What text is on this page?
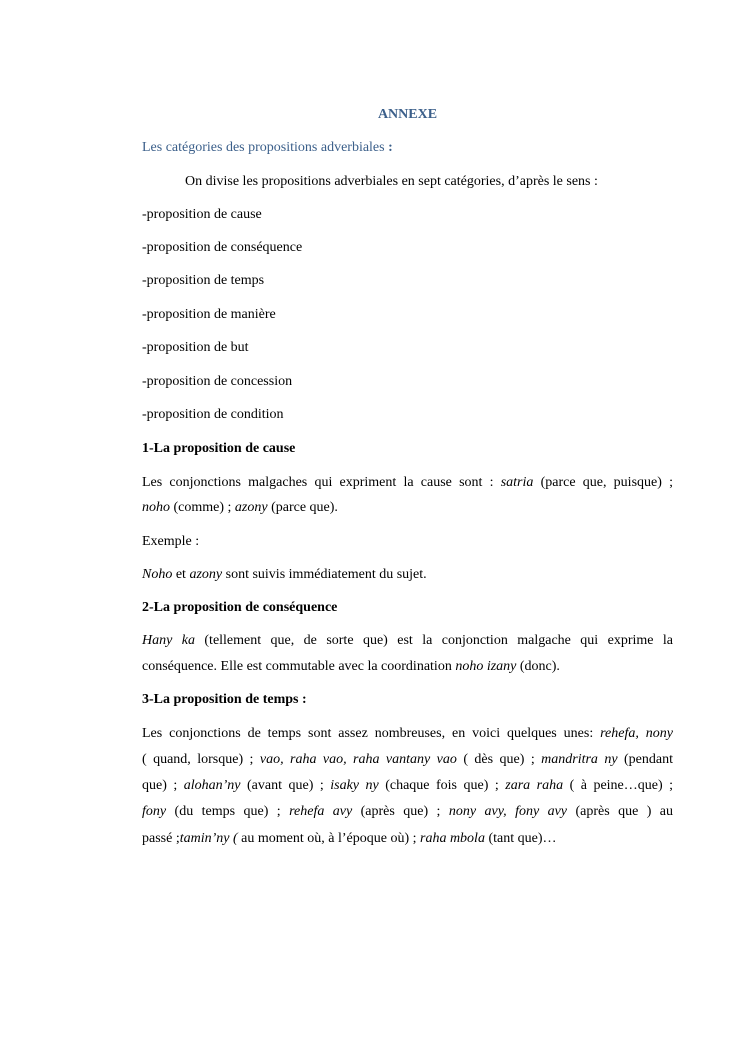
ANNEXE
Les catégories des propositions adverbiales :
On divise les propositions adverbiales en sept catégories, d’après le sens :
-proposition de cause
-proposition de conséquence
-proposition de temps
-proposition de manière
-proposition de but
-proposition de concession
-proposition de condition
1-La proposition de cause
Les conjonctions malgaches qui expriment la cause sont : satria (parce que, puisque) ;
noho (comme) ; azony (parce que).
Exemple :
Noho et azony sont suivis immédiatement du sujet.
2-La proposition de conséquence
Hany ka (tellement que, de sorte que) est la conjonction malgache qui exprime la
conséquence. Elle est commutable avec la coordination noho izany (donc).
3-La proposition de temps :
Les conjonctions de temps sont assez nombreuses, en voici quelques unes: rehefa, nony
( quand, lorsque) ; vao, raha vao, raha vantany vao ( dès que) ; mandritra ny (pendant
que) ; alohan’ny (avant que) ; isaky ny (chaque fois que) ; zara raha ( à peine…que) ;
fony (du temps que) ; rehefa avy (après que) ; nony avy, fony avy (après que ) au
passé ;tamin’ny ( au moment où, à l’époque où) ; raha mbola (tant que)…
